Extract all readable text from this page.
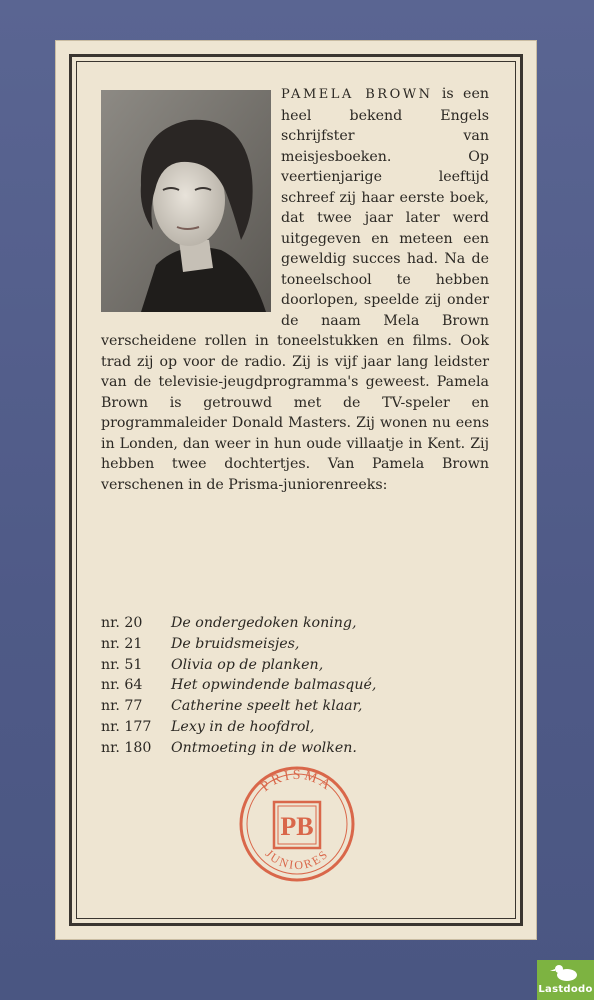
PAMELA BROWN is een heel bekend Engels schrijfster van meisjesboeken. Op veertienjarige leeftijd schreef zij haar eerste boek, dat twee jaar later werd uitgegeven en meteen een geweldig succes had. Na de toneelschool te hebben doorlopen, speelde zij onder de naam Mela Brown verscheidene rollen in toneelstukken en films. Ook trad zij op voor de radio. Zij is vijf jaar lang leidster van de televisie-jeugdprogramma's geweest. Pamela Brown is getrouwd met de TV-speler en programmaleider Donald Masters. Zij wonen nu eens in Londen, dan weer in hun oude villaatje in Kent. Zij hebben twee dochtertjes. Van Pamela Brown verschenen in de Prisma-juniorenreeks:
nr. 20	De ondergedoken koning,
nr. 21	De bruidsmeisjes,
nr. 51	Olivia op de planken,
nr. 64	Het opwindende balmasqué,
nr. 77	Catherine speelt het klaar,
nr. 177	Lexy in de hoofdrol,
nr. 180	Ontmoeting in de wolken.
PRISMA
JUNIORES
PB
Lastdodo
